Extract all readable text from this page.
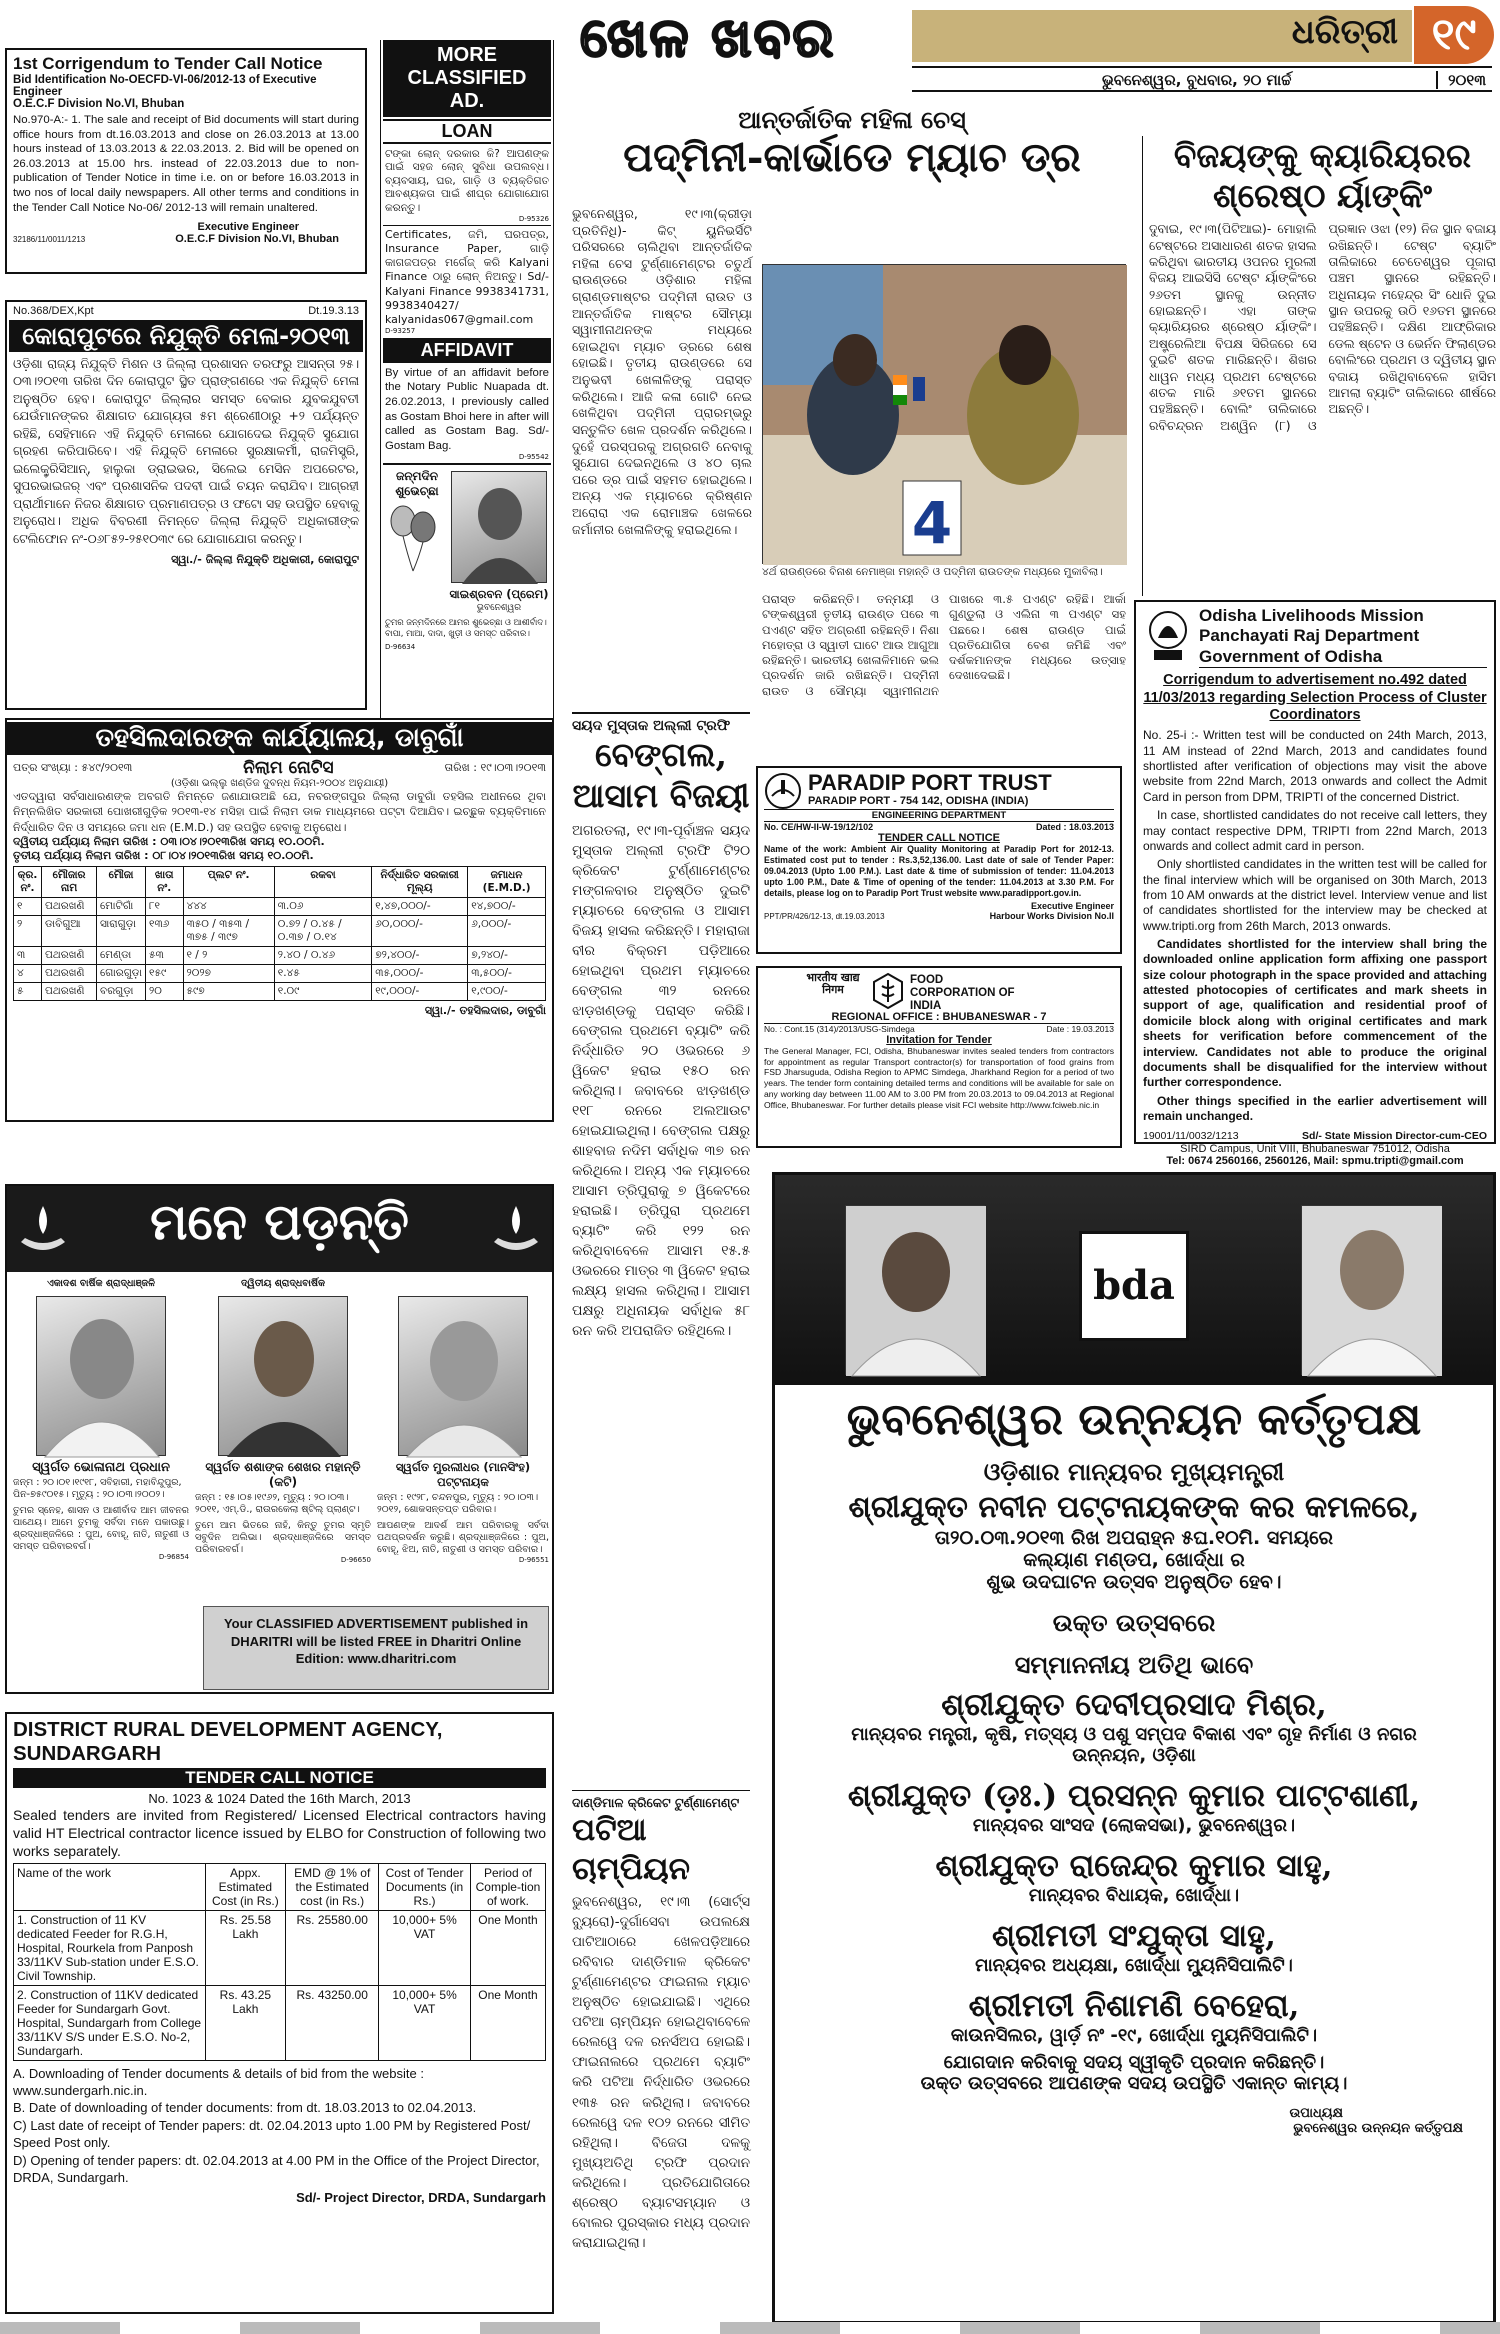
ଖେଳ ଖବର	ଧରିତ୍ରୀ ୧୯
ଭୁବନେଶ୍ୱର, ବୁଧବାର, ୨୦ ମାର୍ଚ୍ଚ	୨୦୧୩
1st Corrigendum to Tender Call Notice
Bid Identification No-OECFD-VI-06/2012-13 of Executive Engineer
O.E.C.F Division No.VI, Bhuban
No.970-A:- 1. The sale and receipt of Bid documents will start during office hours from dt.16.03.2013 and close on 26.03.2013 at 13.00 hours instead of 13.03.2013 & 22.03.2013. 2. Bid will be opened on 26.03.2013 at 15.00 hrs. instead of 22.03.2013 due to non- publication of Tender Notice in time i.e. on or before 16.03.2013 in two nos of local daily newspapers. All other terms and conditions in the Tender Call Notice No-06/ 2012-13 will remain unaltered.
Executive Engineer
O.E.C.F Division No.VI, Bhuban
32186/11/0011/1213
MORE CLASSIFIED AD.
LOAN
ଟଙ୍କା ଲୋନ୍ ଦରକାର କି? ଆପଣଙ୍କ ପାଇଁ ସହଜ ଲୋନ୍ ସୁବିଧା ଉପଲବ୍ଧ। ବ୍ୟବସାୟ, ଘର, ଗାଡ଼ି ଓ ବ୍ୟକ୍ତିଗତ ଆବଶ୍ୟକତା ପାଇଁ ଶୀଘ୍ର ଯୋଗାଯୋଗ କରନ୍ତୁ।
D-95326
Certificates, ଜମି, ଘରପତ୍ର, Insurance Paper, ଗାଡ଼ି କାଗଜପତ୍ର ମର୍ଗେଜ୍ କରି Kalyani Finance ଠାରୁ ଲୋନ୍ ନିଅନ୍ତୁ। Sd/- Kalyani Finance 9938341731, 9938340427/ kalyanidas067@gmail.com
D-93257
AFFIDAVIT
By virtue of an affidavit before the Notary Public Nuapada dt. 26.02.2013, I previously called as Gostam Bhoi here in after will called as Gostam Bag. Sd/- Gostam Bag.
D-95542
ଜନ୍ମଦିନ ଶୁଭେଚ୍ଛା
ସାଇଶ୍ରବନ (ପ୍ରେମ)
ଭୁବନେଶ୍ୱର
ତୁମର ଜନ୍ମଦିନରେ ଆମର ଶୁଭେଚ୍ଛା ଓ ଆଶୀର୍ବାଦ। ବାପା, ମାଆ, ଦାଦା, ଖୁଡ଼ୀ ଓ ସମସ୍ତ ପରିବାର।
D-96634
No.368/DEX,Kpt	Dt.19.3.13
କୋରାପୁଟରେ ନିଯୁକ୍ତି ମେଳା-୨୦୧୩
ଓଡ଼ିଶା ରାଜ୍ୟ ନିଯୁକ୍ତି ମିଶନ ଓ ଜିଲ୍ଲା ପ୍ରଶାସନ ତରଫରୁ ଆସନ୍ତା ୨୫।୦୩।୨୦୧୩ ତାରିଖ ଦିନ କୋରାପୁଟ ସ୍ଥିତ ପ୍ରାଙ୍ଗଣରେ ଏକ ନିଯୁକ୍ତି ମେଳା ଅନୁଷ୍ଠିତ ହେବ। କୋରାପୁଟ ଜିଲ୍ଲାର ସମସ୍ତ ବେକାର ଯୁବକଯୁବତୀ ଯେଉଁମାନଙ୍କର ଶିକ୍ଷାଗତ ଯୋଗ୍ୟତା ୫ମ ଶ୍ରେଣୀଠାରୁ +୨ ପର୍ଯ୍ୟନ୍ତ ରହିଛି, ସେହିମାନେ ଏହି ନିଯୁକ୍ତି ମେଳାରେ ଯୋଗଦେଇ ନିଯୁକ୍ତି ସୁଯୋଗ ଗ୍ରହଣ କରିପାରିବେ। ଏହି ନିଯୁକ୍ତି ମେଳାରେ ସୁରକ୍ଷାକର୍ମୀ, ରାଜମିସ୍ତ୍ରି, ଇଲେକ୍ଟ୍ରିସିଆନ୍, ହାଲୁକା ଡ୍ରାଇଭର, ସିଲେଇ ମେସିନ ଅପରେଟର, ସୁପରଭାଇଜର୍ ଏବଂ ପ୍ରଶାସନିକ ପଦବୀ ପାଇଁ ଚୟନ କରାଯିବ। ଆଗ୍ରହୀ ପ୍ରାର୍ଥୀମାନେ ନିଜର ଶିକ୍ଷାଗତ ପ୍ରମାଣପତ୍ର ଓ ଫଟୋ ସହ ଉପସ୍ଥିତ ହେବାକୁ ଅନୁରୋଧ। ଅଧିକ ବିବରଣୀ ନିମନ୍ତେ ଜିଲ୍ଲା ନିଯୁକ୍ତି ଅଧିକାରୀଙ୍କ ଟେଲିଫୋନ ନଂ-୦୬୮୫୨-୨୫୧୦୩୯ ରେ ଯୋଗାଯୋଗ କରନ୍ତୁ।
ସ୍ୱା./- ଜିଲ୍ଲା ନିଯୁକ୍ତି ଅଧିକାରୀ, କୋରାପୁଟ
ତହସିଲଦାରଙ୍କ କାର୍ଯ୍ୟାଳୟ, ଡାବୁଗାଁ
ପତ୍ର ସଂଖ୍ୟା : ୫୪୯/୨୦୧୩	ନିଲାମ ନୋଟିସ	ତାରିଖ : ୧୯।୦୩।୨୦୧୩
(ଓଡ଼ିଶା ଭଲ୍ଲୁ ଖଣ୍ଡିଜ ଦୁବନ୍ଧ ନିୟମ-୨୦୦୪ ଅନୁଯାୟୀ)
ଏତଦ୍ୱାରା ସର୍ବସାଧାରଣଙ୍କ ଅବଗତି ନିମନ୍ତେ ଜଣାଯାଉଅଛି ଯେ, ନବରଙ୍ଗପୁର ଜିଲ୍ଲା ଡାବୁଗାଁ ତହସିଲ ଅଧୀନରେ ଥିବା ନିମ୍ନଲିଖିତ ସରକାରୀ ପୋଖରୀଗୁଡ଼ିକ ୨୦୧୩-୧୪ ମସିହା ପାଇଁ ନିଲାମ ଡାକ ମାଧ୍ୟମରେ ପଟ୍ଟା ଦିଆଯିବ। ଇଚ୍ଛୁକ ବ୍ୟକ୍ତିମାନେ ନିର୍ଦ୍ଧାରିତ ଦିନ ଓ ସମୟରେ ଜମା ଧନ (E.M.D.) ସହ ଉପସ୍ଥିତ ହେବାକୁ ଅନୁରୋଧ।
ଦ୍ୱିତୀୟ ପର୍ଯ୍ୟାୟ ନିଲାମ ତାରିଖ : ୦୩।୦୪।୨୦୧୩ରିଖ ସମୟ ୧୦.୦୦ମି.
ତୃତୀୟ ପର୍ଯ୍ୟାୟ ନିଲାମ ତାରିଖ : ୦୮।୦୪।୨୦୧୩ରିଖ ସମୟ ୧୦.୦୦ମି.
କ୍ର. ନଂ.	ମୌଜାର ନାମ	ମୌଜା	ଖାତା ନଂ.	ପ୍ଲଟ ନଂ.	ରକବା	ନିର୍ଦ୍ଧାରିତ ସରକାରୀ ମୂଲ୍ୟ	ଜମାଧନ (E.M.D.)
୧	ପଥରଖଣି	ମୋଟିଗାଁ	୮୧	୪୪୪	୩.୦୬	୧,୪୭,୦୦୦/-	୧୪,୭୦୦/-
୨	ଡାବିଗୁଆ	ସାରାଗୁଡ଼ା	୧୩୬	୩୫୦ / ୩୫୩ / ୩୭୫ / ୩୯୭	୦.୭୨ / ୦.୪୫ / ୦.୩୭ / ୦.୧୪	୬୦,୦୦୦/-	୬,୦୦୦/-
୩	ପଥରଖଣି	ମେଣ୍ଡା	୫୩	୧ / ୨	୨.୪୦ / ୦.୪୬	୭୨,୪୦୦/-	୭,୨୪୦/-
୪	ପଥରଖଣି	ଗୋରଗୁଡ଼ା	୧୫୯	୨୦୨୭	୧.୪୫	୩୫,୦୦୦/-	୩,୫୦୦/-
୫	ପଥରଖଣି	ବରଗୁଡ଼ା	୨୦	୫୯୭	୧.୦୯	୧୯,୦୦୦/-	୧,୯୦୦/-
ସ୍ୱା./- ତହସିଲଦାର, ଡାବୁଗାଁ
ମନେ ପଡ଼ନ୍ତି
ଏକାଦଶ ବାର୍ଷିକ ଶ୍ରାଦ୍ଧାଞ୍ଜଳି
ସ୍ୱର୍ଗତ ଭୋଳାନାଥ ପ୍ରଧାନ
ଜନ୍ମ : ୨୦।୦୧।୧୯୧୮, ସବିହାରୀ, ମହାବିନ୍ଦୁପୁର, ପିନ-୭୫୯୦୧୫। ମୃତ୍ୟୁ : ୨୦।୦୩।୨୦୦୨।
ତୁମର ସ୍ନେହ, ଶାସନ ଓ ଆଶୀର୍ବାଦ ଆମ ଜୀବନର ପାଥେୟ। ଆମେ ତୁମକୁ ସର୍ବଦା ମନେ ପକାଉଛୁ। ଶ୍ରଦ୍ଧାଞ୍ଜଳିରେ : ପୁଅ, ବୋହୂ, ନାତି, ନାତୁଣୀ ଓ ସମସ୍ତ ପରିବାରବର୍ଗ।
D-96854
ଦ୍ୱିତୀୟ ଶ୍ରାଦ୍ଧବାର୍ଷିକ
ସ୍ୱର୍ଗତ ଶଶାଙ୍କ ଶେଖର ମହାନ୍ତି (କଟି)
ଜନ୍ମ : ୧୫।୦୫।୧୯୬୨, ମୃତ୍ୟୁ : ୨୦।୦୩।୨୦୧୧, ଏମ୍.ଡି., ରାଉରକେଲା ଷ୍ଟିଲ୍ ପ୍ଲାଣ୍ଟ।
ତୁମେ ଆମ ଭିତରେ ନାହଁ, କିନ୍ତୁ ତୁମର ସ୍ମୃତି ସବୁଦିନ ଅଲିଭା। ଶ୍ରଦ୍ଧାଞ୍ଜଳିରେ ସମସ୍ତ ପରିବାରବର୍ଗ।
D-96650
ସ୍ୱର୍ଗତ ମୁରଲୀଧର (ମାନସିଂହ) ପଟ୍ଟନାୟକ
ଜନ୍ମ : ୧୯୨୮, ଚନ୍ଦନପୁର, ମୃତ୍ୟୁ : ୨୦।୦୩।୨୦୧୨, ଶୋକସନ୍ତପ୍ତ ପରିବାର।
ଆପଣଙ୍କ ଆଦର୍ଶ ଆମ ପରିବାରକୁ ସର୍ବଦା ପଥପ୍ରଦର୍ଶନ କରୁଛି। ଶ୍ରଦ୍ଧାଞ୍ଜଳିରେ : ପୁଅ, ବୋହୂ, ଝିଅ, ନାତି, ନାତୁଣୀ ଓ ସମସ୍ତ ପରିବାର।
D-96551
Your CLASSIFIED ADVERTISEMENT published in DHARITRI will be listed FREE in Dharitri Online Edition: www.dharitri.com
DISTRICT RURAL DEVELOPMENT AGENCY, SUNDARGARH
TENDER CALL NOTICE
No. 1023 & 1024 Dated the 16th March, 2013
Sealed tenders are invited from Registered/ Licensed Electrical contractors having valid HT Electrical contractor licence issued by ELBO for Construction of following two works separately.
Name of the work	Appx. Estimated Cost (in Rs.)	EMD @ 1% of the Estimated cost (in Rs.)	Cost of Tender Documents (in Rs.)	Period of Comple-tion of work.
1. Construction of 11 KV dedicated Feeder for R.G.H, Hospital, Rourkela from Panposh 33/11KV Sub-station under E.S.O. Civil Township.	Rs. 25.58 Lakh	Rs. 25580.00	10,000+ 5% VAT	One Month
2. Construction of 11KV dedicated Feeder for Sundargarh Govt. Hospital, Sundargarh from College 33/11KV S/S under E.S.O. No-2, Sundargarh.	Rs. 43.25 Lakh	Rs. 43250.00	10,000+ 5% VAT	One Month
A. Downloading of Tender documents & details of bid from the website : www.sundergarh.nic.in.
B. Date of downloading of tender documents: from dt. 18.03.2013 to 02.04.2013.
C) Last date of receipt of Tender papers: dt. 02.04.2013 upto 1.00 PM by Registered Post/ Speed Post only.
D) Opening of tender papers: dt. 02.04.2013 at 4.00 PM in the Office of the Project Director, DRDA, Sundargarh.
Sd/- Project Director, DRDA, Sundargarh
ଆନ୍ତର୍ଜାତିକ ମହିଳା ଚେସ୍
ପଦ୍ମିନୀ-କାର୍ଭାଡେ ମ୍ୟାଚ ଡ୍ର
ଭୁବନେଶ୍ୱର, ୧୯।୩(କ୍ରୀଡ଼ା ପ୍ରତିନିଧି)- କିଟ୍ ୟୁନିଭର୍ସିଟି ପରିସରରେ ଚାଲିଥିବା ଆନ୍ତର୍ଜାତିକ ମହିଳା ଚେସ ଟୁର୍ଣ୍ଣାମେଣ୍ଟର ଚତୁର୍ଥ ରାଉଣ୍ଡରେ ଓଡ଼ିଶାର ମହିଳା ଗ୍ରାଣ୍ଡମାଷ୍ଟର ପଦ୍ମିନୀ ରାଉତ ଓ ଆନ୍ତର୍ଜାତିକ ମାଷ୍ଟର ସୌମ୍ୟା ସ୍ୱାମୀନାଥନଙ୍କ ମଧ୍ୟରେ ହୋଇଥିବା ମ୍ୟାଚ ଡ୍ରରେ ଶେଷ ହୋଇଛି। ତୃତୀୟ ରାଉଣ୍ଡରେ ସେ ଅନୁଭବୀ ଖେଳାଳିଙ୍କୁ ପରାସ୍ତ କରିଥିଲେ। ଆଜି କଳା ଗୋଟି ନେଇ ଖେଳିଥିବା ପଦ୍ମିନୀ ପ୍ରାରମ୍ଭରୁ ସନ୍ତୁଳିତ ଖେଳ ପ୍ରଦର୍ଶନ କରିଥିଲେ। ଦୁହେଁ ପରସ୍ପରକୁ ଅଗ୍ରଗତି ନେବାକୁ ସୁଯୋଗ ଦେଇନଥିଲେ ଓ ୪୦ ଚାଲ ପରେ ଡ୍ର ପାଇଁ ସହମତ ହୋଇଥିଲେ। ଅନ୍ୟ ଏକ ମ୍ୟାଚରେ କ୍ରିଷ୍ଣନ ଅରୋରା ଏକ ରୋମାଞ୍ଚକ ଖେଳରେ ଜର୍ମାନୀର ଖେଳାଳିଙ୍କୁ ହରାଇଥିଲେ।	4
୪ର୍ଥ ରାଉଣ୍ଡରେ ବିନାଶ ନେମାଞ୍ଜା ମହାନ୍ତି ଓ ପଦ୍ମିନୀ ରାଉତଙ୍କ ମଧ୍ୟରେ ମୁକାବିଲା।
ପରାସ୍ତ କରିଛନ୍ତି। ତନ୍ମୟୀ ଓ ଟଙ୍କଶ୍ୱରୀ ତୃତୀୟ ରାଉଣ୍ଡ ପରେ ୩ ପଏଣ୍ଟ ସହିତ ଅଗ୍ରଣୀ ରହିଛନ୍ତି। ନିଶା ମହୋତ୍ରା ଓ ସ୍ୱାତୀ ଘାଟେ ଆଉ ଆଗୁଆ ରହିଛନ୍ତି। ଭାରତୀୟ ଖେଳାଳିମାନେ ଭଲ ପ୍ରଦର୍ଶନ ଜାରି ରଖିଛନ୍ତି। ପଦ୍ମିନୀ ରାଉତ ଓ ସୌମ୍ୟା ସ୍ୱାମୀନାଥନ ପାଖରେ ୩.୫ ପଏଣ୍ଟ ରହିଛି। ଆର୍କା ଗୁଣ୍ଡୁଲା ଓ ଏଲିନା ୩ ପଏଣ୍ଟ ସହ ପଛରେ। ଶେଷ ରାଉଣ୍ଡ ପାଇଁ ପ୍ରତିଯୋଗିତା ବେଶ ଜମିଛି ଏବଂ ଦର୍ଶକମାନଙ୍କ ମଧ୍ୟରେ ଉତ୍ସାହ ଦେଖାଦେଇଛି।
ବିଜୟଙ୍କୁ କ୍ୟାରିୟରର ଶ୍ରେଷ୍ଠ ର୍ୟାଙ୍କିଂ
ଦୁବାଇ, ୧୯।୩(ପିଟିଆଇ)- ମୋହାଲି ଟେଷ୍ଟରେ ଅସାଧାରଣ ଶତକ ହାସଲ କରିଥିବା ଭାରତୀୟ ଓପନର ମୁରଲୀ ବିଜୟ ଆଇସିସି ଟେଷ୍ଟ ର୍ୟାଙ୍କିଂରେ ୨୬ତମ ସ୍ଥାନକୁ ଉନ୍ନୀତ ହୋଇଛନ୍ତି। ଏହା ତାଙ୍କ କ୍ୟାରିୟରର ଶ୍ରେଷ୍ଠ ର୍ୟାଙ୍କିଂ। ଅଷ୍ଟ୍ରେଲିଆ ବିପକ୍ଷ ସିରିଜରେ ସେ ଦୁଇଟି ଶତକ ମାରିଛନ୍ତି। ଶିଖର ଧାୱନ ମଧ୍ୟ ପ୍ରଥମ ଟେଷ୍ଟରେ ଶତକ ମାରି ୬୧ତମ ସ୍ଥାନରେ ପହଞ୍ଚିଛନ୍ତି। ବୋଲିଂ ତାଲିକାରେ ରବିଚନ୍ଦ୍ରନ ଅଶ୍ୱିନ (୮) ଓ ପ୍ରଜ୍ଞାନ ଓଝା (୧୨) ନିଜ ସ୍ଥାନ ବଜାୟ ରଖିଛନ୍ତି। ଟେଷ୍ଟ ବ୍ୟାଟିଂ ତାଲିକାରେ ଚେତେଶ୍ୱର ପୂଜାରା ପଞ୍ଚମ ସ୍ଥାନରେ ରହିଛନ୍ତି। ଅଧିନାୟକ ମହେନ୍ଦ୍ର ସିଂ ଧୋନି ଦୁଇ ସ୍ଥାନ ଉପରକୁ ଉଠି ୧୬ତମ ସ୍ଥାନରେ ପହଞ୍ଚିଛନ୍ତି। ଦକ୍ଷିଣ ଆଫ୍ରିକାର ଡେଲ ଷ୍ଟେନ ଓ ଭେର୍ନନ ଫିଲାଣ୍ଡର ବୋଲିଂରେ ପ୍ରଥମ ଓ ଦ୍ୱିତୀୟ ସ୍ଥାନ ବଜାୟ ରଖିଥିବାବେଳେ ହାସିମ ଆମଲା ବ୍ୟାଟିଂ ତାଲିକାରେ ଶୀର୍ଷରେ ଅଛନ୍ତି।
ସୟଦ ମୁସ୍ତାକ ଅଲ୍ଲୀ ଟ୍ରଫି
ବେଙ୍ଗଲ, ଆସାମ ବିଜୟୀ
ଅଗରତଲା, ୧୯।୩-ପୂର୍ବାଞ୍ଚଳ ସୟଦ ମୁସ୍ତାକ ଅଲ୍ଲୀ ଟ୍ରଫି ଟି୨୦ କ୍ରିକେଟ ଟୁର୍ଣ୍ଣାମେଣ୍ଟର ମଙ୍ଗଳବାର ଅନୁଷ୍ଠିତ ଦୁଇଟି ମ୍ୟାଚରେ ବେଙ୍ଗଲ ଓ ଆସାମ ବିଜୟ ହାସଲ କରିଛନ୍ତି। ମହାରାଜା ବୀର ବିକ୍ରମ ପଡ଼ିଆରେ ହୋଇଥିବା ପ୍ରଥମ ମ୍ୟାଚରେ ବେଙ୍ଗଲ ୩୨ ରନରେ ଝାଡ଼ଖଣ୍ଡକୁ ପରାସ୍ତ କରିଛି। ବେଙ୍ଗଲ ପ୍ରଥମେ ବ୍ୟାଟିଂ କରି ନିର୍ଦ୍ଧାରିତ ୨୦ ଓଭରରେ ୬ ୱିକେଟ ହରାଇ ୧୫୦ ରନ କରିଥିଲା। ଜବାବରେ ଝାଡ଼ଖଣ୍ଡ ୧୧୮ ରନରେ ଅଲଆଉଟ ହୋଇଯାଇଥିଲା। ବେଙ୍ଗଲ ପକ୍ଷରୁ ଶାହବାଜ ନଦିମ ସର୍ବାଧିକ ୩୭ ରନ କରିଥିଲେ। ଅନ୍ୟ ଏକ ମ୍ୟାଚରେ ଆସାମ ତ୍ରିପୁରାକୁ ୭ ୱିକେଟରେ ହରାଇଛି। ତ୍ରିପୁରା ପ୍ରଥମେ ବ୍ୟାଟିଂ କରି ୧୨୨ ରନ କରିଥିବାବେଳେ ଆସାମ ୧୫.୫ ଓଭରରେ ମାତ୍ର ୩ ୱିକେଟ ହରାଇ ଲକ୍ଷ୍ୟ ହାସଲ କରିଥିଲା। ଆସାମ ପକ୍ଷରୁ ଅଧିନାୟକ ସର୍ବାଧିକ ୫୮ ରନ କରି ଅପରାଜିତ ରହିଥିଲେ।
ଦାଣ୍ଡିମାଳ କ୍ରିକେଟ ଟୁର୍ଣ୍ଣାମେଣ୍ଟ
ପଟିଆ ଚାମ୍ପିୟନ
ଭୁବନେଶ୍ୱର, ୧୯।୩ (ସୋର୍ଟ୍ସ ବ୍ୟୁରୋ)-ଦୁର୍ଗାସେବା ଉପଲକ୍ଷେ ପାଟିଆଠାରେ ଖେଳପଡ଼ିଆରେ ରବିବାର ଦାଣ୍ଡିମାଳ କ୍ରିକେଟ ଟୁର୍ଣ୍ଣାମେଣ୍ଟର ଫାଇନାଲ ମ୍ୟାଚ ଅନୁଷ୍ଠିତ ହୋଇଯାଇଛି। ଏଥିରେ ପଟିଆ ଚାମ୍ପିୟନ ହୋଇଥିବାବେଳେ ରେଲୱେ ଦଳ ରନର୍ସଅପ ହୋଇଛି। ଫାଇନାଲରେ ପ୍ରଥମେ ବ୍ୟାଟିଂ କରି ପଟିଆ ନିର୍ଦ୍ଧାରିତ ଓଭରରେ ୧୩୫ ରନ କରିଥିଲା। ଜବାବରେ ରେଲୱେ ଦଳ ୧୦୨ ରନରେ ସୀମିତ ରହିଥିଲା। ବିଜେତା ଦଳକୁ ମୁଖ୍ୟଅତିଥି ଟ୍ରଫି ପ୍ରଦାନ କରିଥିଲେ। ପ୍ରତିଯୋଗିତାରେ ଶ୍ରେଷ୍ଠ ବ୍ୟାଟସମ୍ୟାନ ଓ ବୋଲର ପୁରସ୍କାର ମଧ୍ୟ ପ୍ରଦାନ କରାଯାଇଥିଲା।
PARADIP PORT TRUST
PARADIP PORT - 754 142, ODISHA (INDIA)
ENGINEERING DEPARTMENT
No. CE/HW-II-W-19/12/102	Dated : 18.03.2013
TENDER CALL NOTICE
Name of the work: Ambient Air Quality Monitoring at Paradip Port for 2012-13. Estimated cost put to tender : Rs.3,52,136.00. Last date of sale of Tender Paper: 09.04.2013 (Upto 1.00 P.M.). Last date & time of submission of tender: 11.04.2013 upto 1.00 P.M., Date & Time of opening of the tender: 11.04.2013 at 3.30 P.M. For details, please log on to Paradip Port Trust website www.paradipport.gov.in.
PPT/PR/426/12-13, dt.19.03.2013
Executive Engineer
Harbour Works Division No.II
भारतीय खाद्य निगम
FOOD CORPORATION OF INDIA
REGIONAL OFFICE : BHUBANESWAR - 7
No. : Cont.15 (314)/2013/USG-Simdega	Date : 19.03.2013
Invitation for Tender
The General Manager, FCI, Odisha, Bhubaneswar invites sealed tenders from contractors for appointment as regular Transport contractor(s) for transportation of food grains from FSD Jharsuguda, Odisha Region to APMC Simdega, Jharkhand Region for a period of two years. The tender form containing detailed terms and conditions will be available for sale on any working day between 11.00 AM to 3.00 PM from 20.03.2013 to 09.04.2013 at Regional Office, Bhubaneswar. For further details please visit FCI website http://www.fciweb.nic.in
Odisha Livelihoods Mission
Panchayati Raj Department
Government of Odisha
Corrigendum to advertisement no.492 dated 11/03/2013 regarding Selection Process of Cluster Coordinators
No. 25-i :- Written test will be conducted on 24th March, 2013, 11 AM instead of 22nd March, 2013 and candidates found shortlisted after verification of objections may visit the above website from 22nd March, 2013 onwards and collect the Admit Card in person from DPM, TRIPTI of the concerned District.
In case, shortlisted candidates do not receive call letters, they may contact respective DPM, TRIPTI from 22nd March, 2013 onwards and collect admit card in person.
Only shortlisted candidates in the written test will be called for the final interview which will be organised on 30th March, 2013 from 10 AM onwards at the district level. Interview venue and list of candidates shortlisted for the interview may be checked at www.tripti.org from 26th March, 2013 onwards.
Candidates shortlisted for the interview shall bring the downloaded online application form affixing one passport size colour photograph in the space provided and attaching attested photocopies of certificates and mark sheets in support of age, qualification and residential proof of domicile block along with original certificates and mark sheets for verification before commencement of the interview. Candidates not able to produce the original documents shall be disqualified for the interview without further correspondence.
Other things specified in the earlier advertisement will remain unchanged.
19001/11/0032/1213	Sd/- State Mission Director-cum-CEO
SIRD Campus, Unit VIII, Bhubaneswar 751012, Odisha
Tel: 0674 2560166, 2560126, Mail: spmu.tripti@gmail.com
bda
ଭୁବନେଶ୍ୱର ଉନ୍ନୟନ କର୍ତ୍ତୃପକ୍ଷ
ଓଡ଼ିଶାର ମାନ୍ୟବର ମୁଖ୍ୟମନ୍ତ୍ରୀ
ଶ୍ରୀଯୁକ୍ତ ନବୀନ ପଟ୍ଟନାୟକଙ୍କ କର କମଳରେ,
ତା୨୦.୦୩.୨୦୧୩ ରିଖ ଅପରାହ୍ନ ୫ଘ.୧୦ମି. ସମୟରେ
କଲ୍ୟାଣ ମଣ୍ଡପ, ଖୋର୍ଦ୍ଧା ର
ଶୁଭ ଉଦଘାଟନ ଉତ୍ସବ ଅନୁଷ୍ଠିତ ହେବ।
ଉକ୍ତ ଉତ୍ସବରେ
ସମ୍ମାନନୀୟ ଅତିଥି ଭାବେ
ଶ୍ରୀଯୁକ୍ତ ଦେବୀପ୍ରସାଦ ମିଶ୍ର,
ମାନ୍ୟବର ମନ୍ତ୍ରୀ, କୃଷି, ମତ୍ସ୍ୟ ଓ ପଶୁ ସମ୍ପଦ ବିକାଶ ଏବଂ ଗୃହ ନିର୍ମାଣ ଓ ନଗର ଉନ୍ନୟନ, ଓଡ଼ିଶା
ଶ୍ରୀଯୁକ୍ତ (ଡ଼ଃ.) ପ୍ରସନ୍ନ କୁମାର ପାଟ୍ଟଶାଣୀ,
ମାନ୍ୟବର ସାଂସଦ (ଲୋକସଭା), ଭୁବନେଶ୍ୱର।
ଶ୍ରୀଯୁକ୍ତ ରାଜେନ୍ଦ୍ର କୁମାର ସାହୁ,
ମାନ୍ୟବର ବିଧାୟକ, ଖୋର୍ଦ୍ଧା।
ଶ୍ରୀମତୀ ସଂଯୁକ୍ତା ସାହୁ,
ମାନ୍ୟବର ଅଧ୍ୟକ୍ଷା, ଖୋର୍ଦ୍ଧା ମ୍ୟୁନିସିପାଲିଟି।
ଶ୍ରୀମତୀ ନିଶାମଣି ବେହେରା,
କାଉନସିଲର, ୱାର୍ଡ଼ ନଂ -୧୯, ଖୋର୍ଦ୍ଧା ମ୍ୟୁନିସିପାଲିଟି।
ଯୋଗଦାନ କରିବାକୁ ସଦୟ ସ୍ୱୀକୃତି ପ୍ରଦାନ କରିଛନ୍ତି।
ଉକ୍ତ ଉତ୍ସବରେ ଆପଣଙ୍କ ସଦୟ ଉପସ୍ଥିତି ଏକାନ୍ତ କାମ୍ୟ।
ଉପାଧ୍ୟକ୍ଷ
ଭୁବନେଶ୍ୱର ଉନ୍ନୟନ କର୍ତ୍ତୃପକ୍ଷ
